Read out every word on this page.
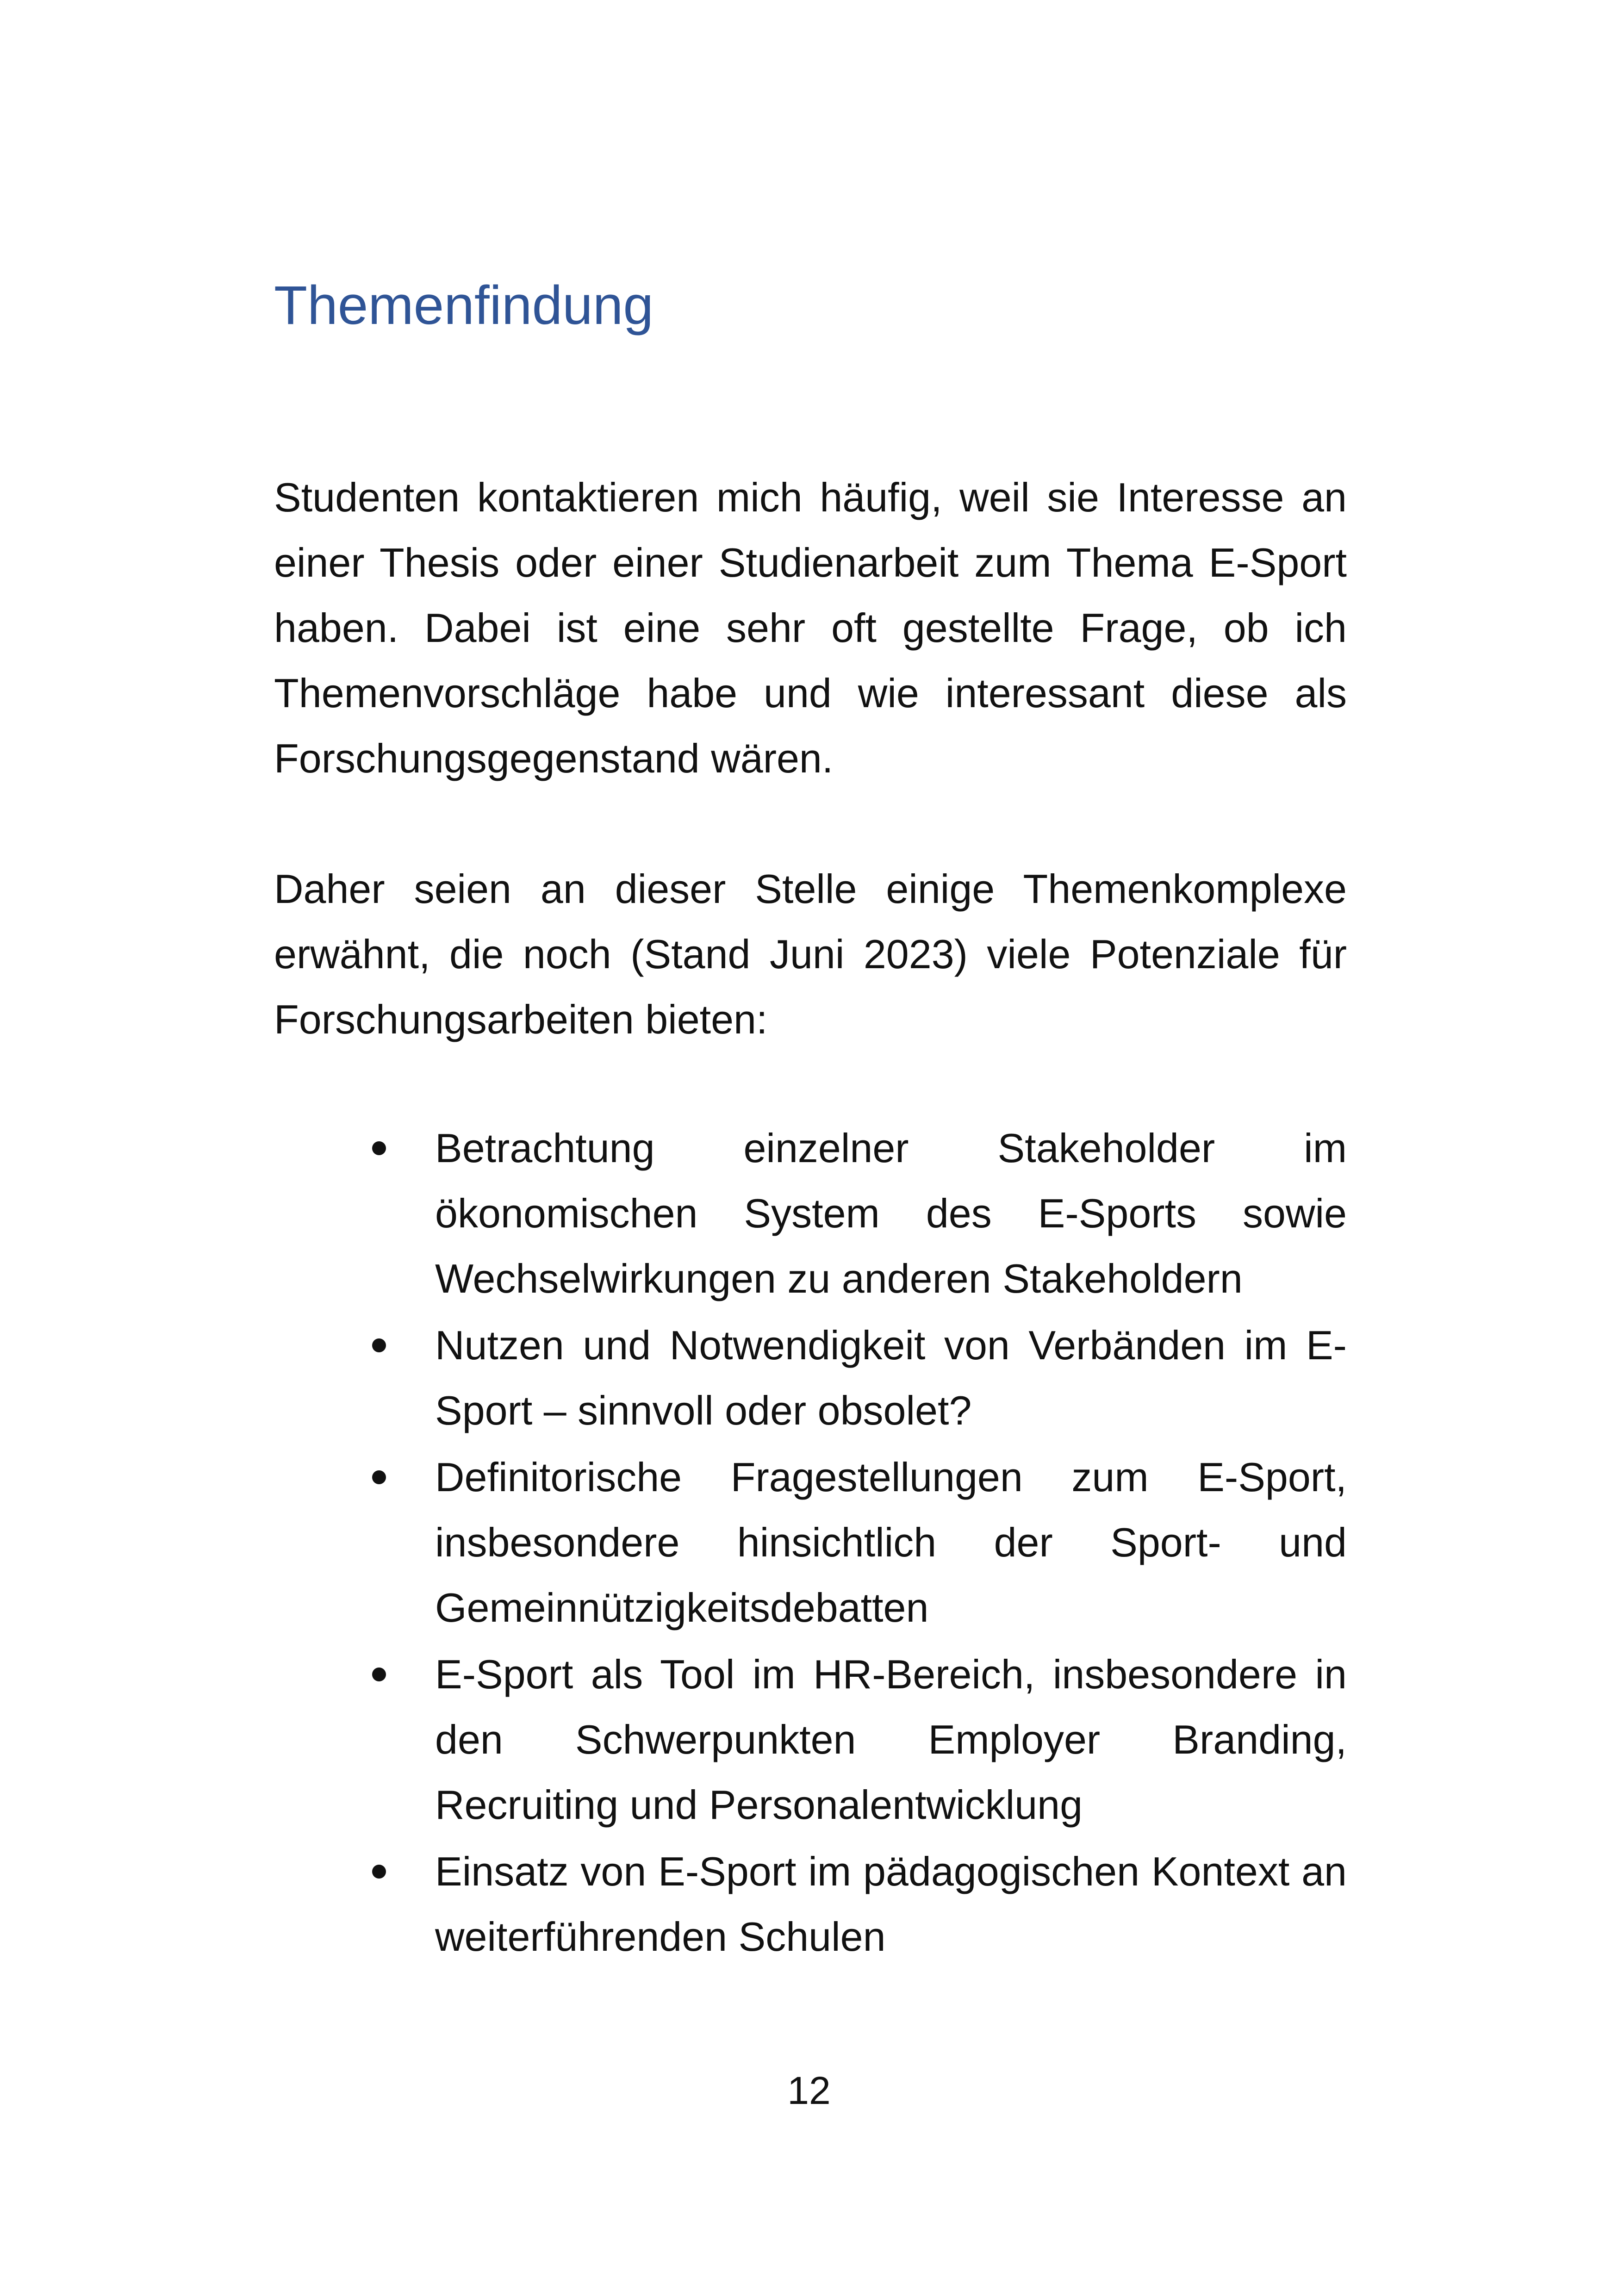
Themenfindung

Studenten kontaktieren mich häufig, weil sie Interesse an einer Thesis oder einer Studienarbeit zum Thema E-Sport haben. Dabei ist eine sehr oft gestellte Frage, ob ich Themenvorschläge habe und wie interessant diese als Forschungsgegenstand wären.

Daher seien an dieser Stelle einige Themenkomplexe erwähnt, die noch (Stand Juni 2023) viele Potenziale für Forschungsarbeiten bieten:

Betrachtung einzelner Stakeholder im ökonomischen System des E-Sports sowie Wechselwirkungen zu anderen Stakeholdern
Nutzen und Notwendigkeit von Verbänden im E-Sport – sinnvoll oder obsolet?
Definitorische Fragestellungen zum E-Sport, insbesondere hinsichtlich der Sport- und Gemeinnützigkeitsdebatten
E-Sport als Tool im HR-Bereich, insbesondere in den Schwerpunkten Employer Branding, Recruiting und Personalentwicklung
Einsatz von E-Sport im pädagogischen Kontext an weiterführenden Schulen

12
